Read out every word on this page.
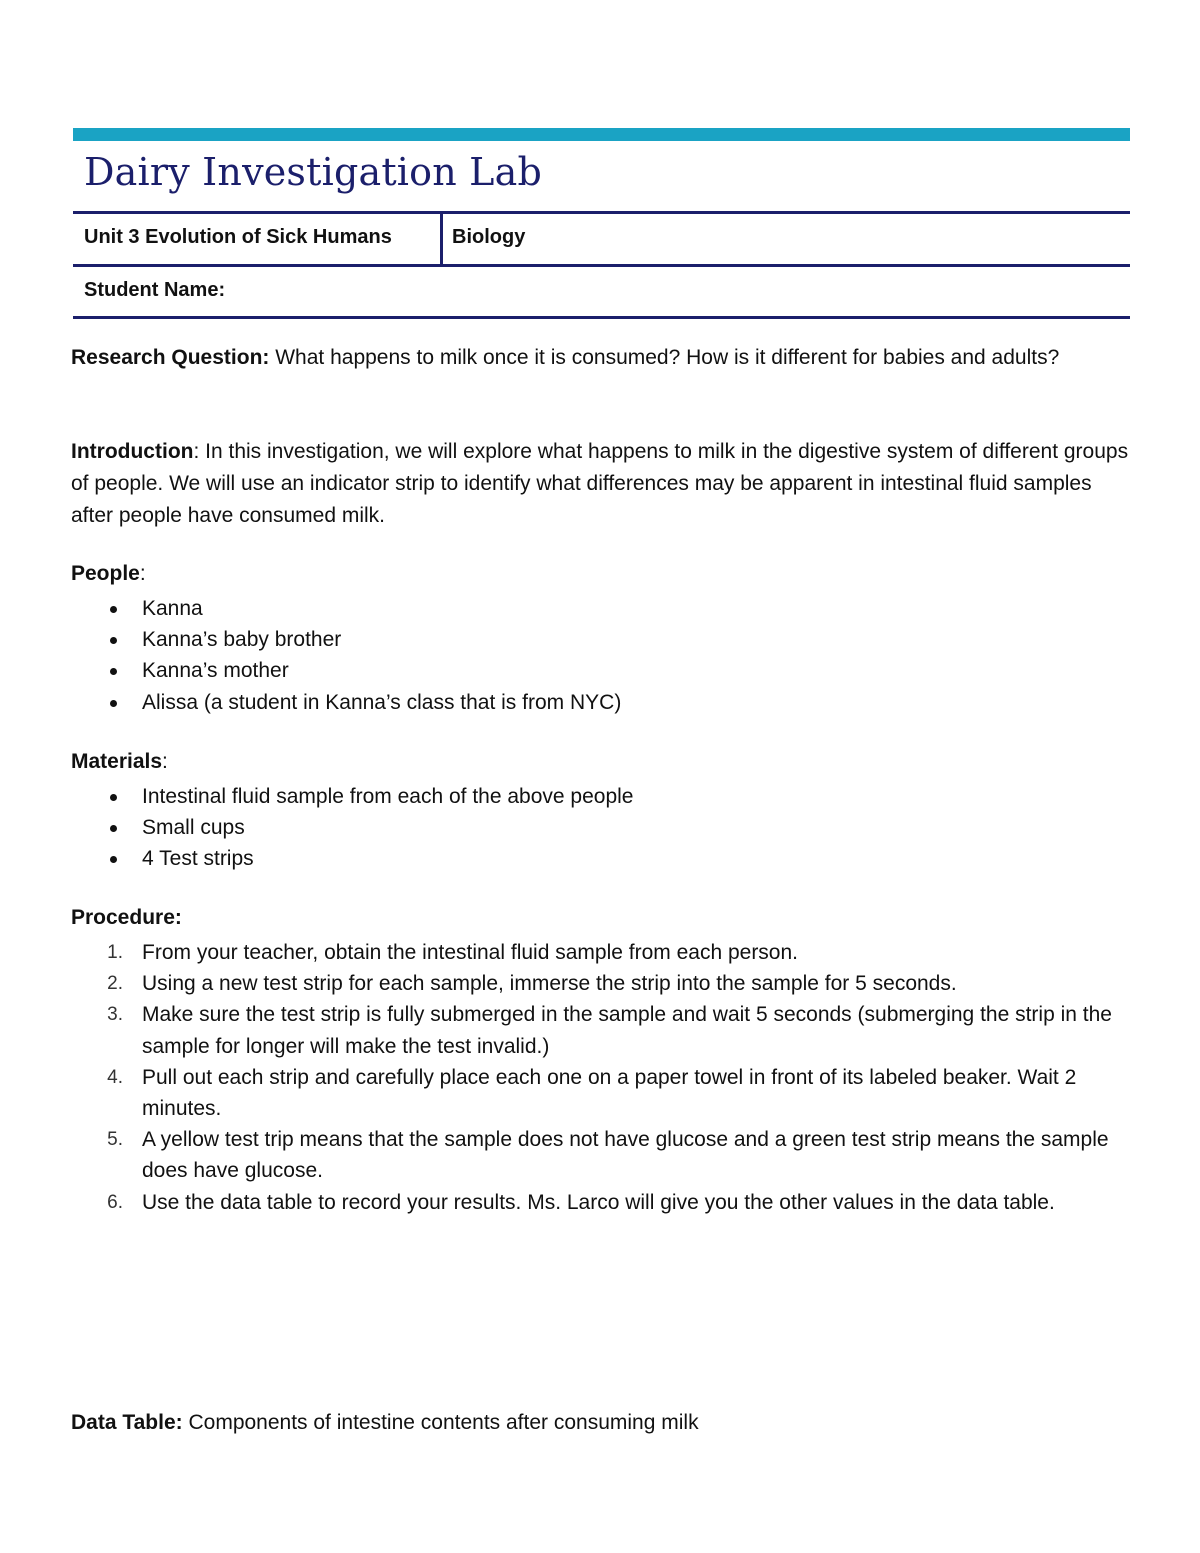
Dairy Investigation Lab
Unit 3 Evolution of Sick Humans	Biology
Student Name:

Research Question: What happens to milk once it is consumed? How is it different for babies and adults?

Introduction: In this investigation, we will explore what happens to milk in the digestive system of different groups of people. We will use an indicator strip to identify what differences may be apparent in intestinal fluid samples after people have consumed milk.

People:
Kanna
Kanna’s baby brother
Kanna’s mother
Alissa (a student in Kanna’s class that is from NYC)
Materials:
Intestinal fluid sample from each of the above people
Small cups
4 Test strips
Procedure:
1. From your teacher, obtain the intestinal fluid sample from each person.
2. Using a new test strip for each sample, immerse the strip into the sample for 5 seconds.
3. Make sure the test strip is fully submerged in the sample and wait 5 seconds (submerging the strip in the sample for longer will make the test invalid.)
4. Pull out each strip and carefully place each one on a paper towel in front of its labeled beaker. Wait 2 minutes.
5. A yellow test trip means that the sample does not have glucose and a green test strip means the sample does have glucose.
6. Use the data table to record your results. Ms. Larco will give you the other values in the data table.

Data Table: Components of intestine contents after consuming milk
